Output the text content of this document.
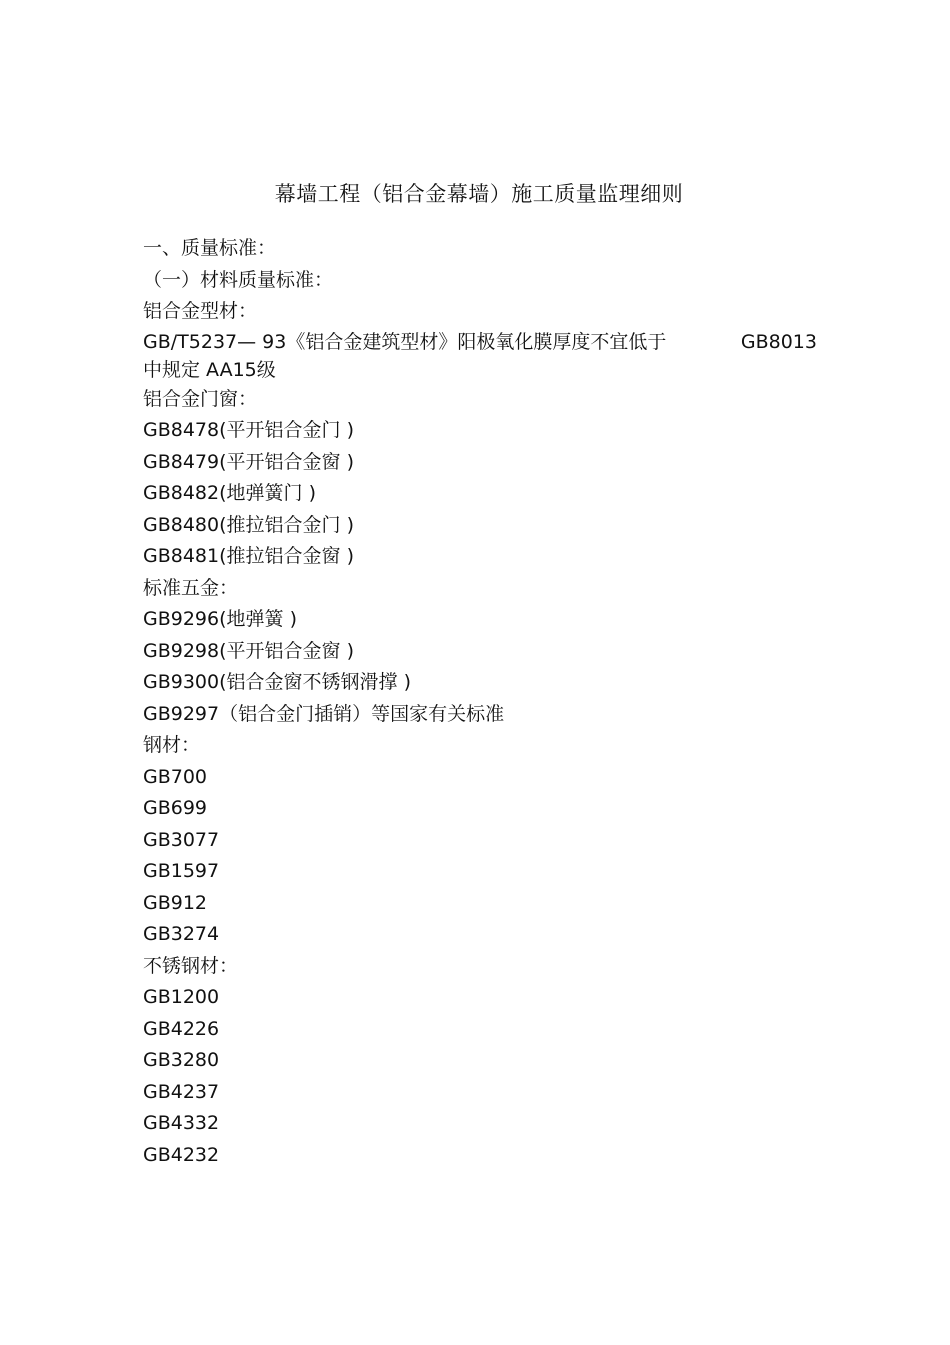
幕墙工程（铝合金幕墙）施工质量监理细则
一、质量标准：
（一）材料质量标准：
铝合金型材：
GB/T5237— 93《铝合金建筑型材》阳极氧化膜厚度不宜低于	GB8013
中规定 AA15级
铝合金门窗：
GB8478(平开铝合金门 )
GB8479(平开铝合金窗 )
GB8482(地弹簧门 )
GB8480(推拉铝合金门 )
GB8481(推拉铝合金窗 )
标准五金：
GB9296(地弹簧 )
GB9298(平开铝合金窗 )
GB9300(铝合金窗不锈钢滑撑 )
GB9297（铝合金门插销）等国家有关标准
钢材：
GB700
GB699
GB3077
GB1597
GB912
GB3274
不锈钢材：
GB1200
GB4226
GB3280
GB4237
GB4332
GB4232
